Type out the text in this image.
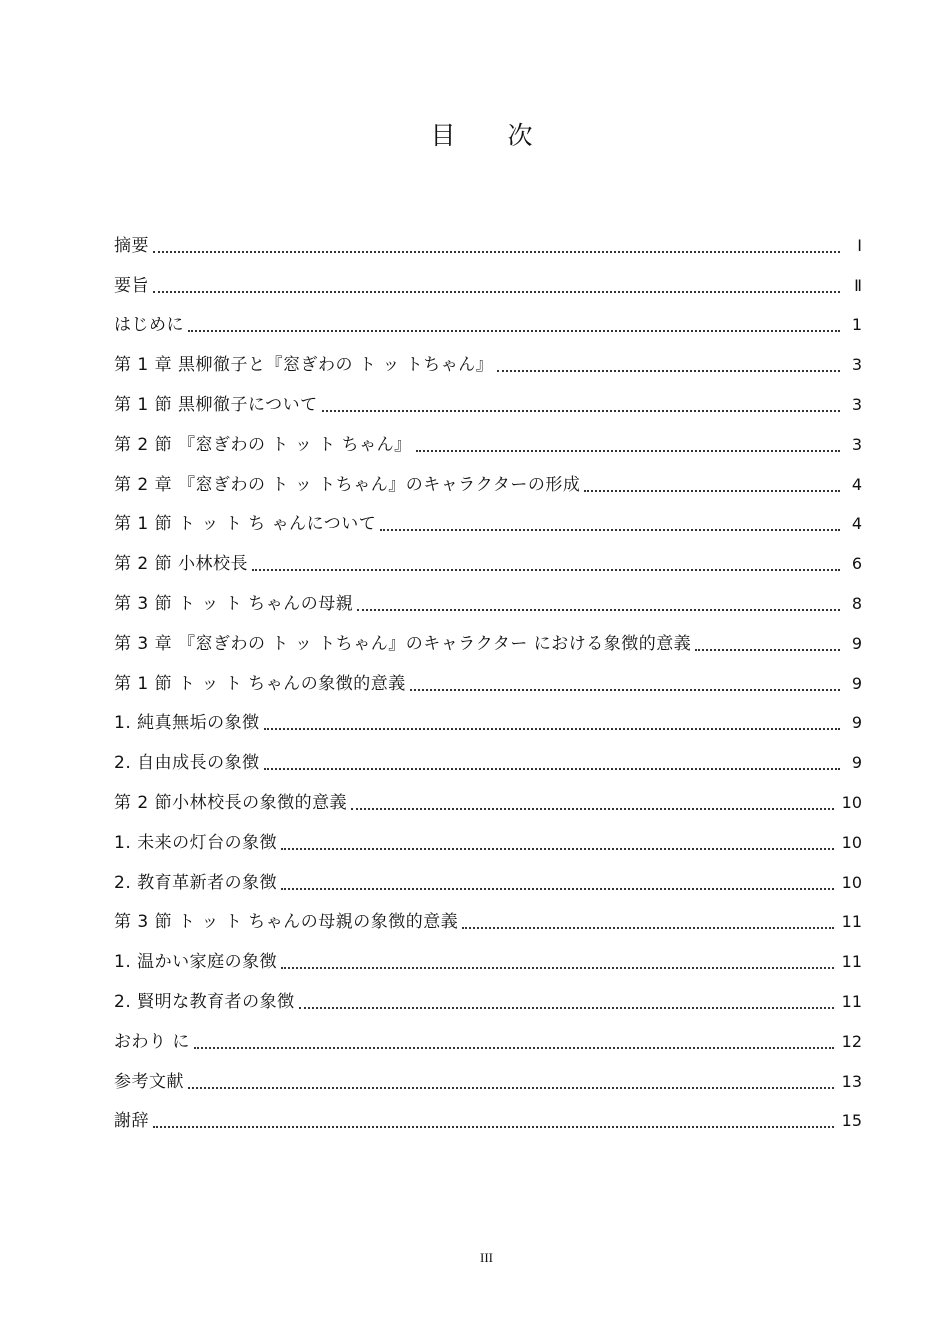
目 次
摘要	Ⅰ
要旨	Ⅱ
はじめに	1
第 1 章 黒柳徹子と『窓ぎわの ト ッ トちゃん』	3
第 1 節 黒柳徹子について	3
第 2 節 『窓ぎわの ト ッ ト ちゃん』	3
第 2 章 『窓ぎわの ト ッ トちゃん』のキャラクターの形成	4
第 1 節 ト ッ ト ち ゃんについて	4
第 2 節 小林校長	6
第 3 節 ト ッ ト ちゃんの母親	8
第 3 章 『窓ぎわの ト ッ トちゃん』のキャラクター における象徴的意義	9
第 1 節 ト ッ ト ちゃんの象徴的意義	9
1. 純真無垢の象徴	9
2. 自由成長の象徴	9
第 2 節小林校長の象徴的意義	10
1. 未来の灯台の象徴	10
2. 教育革新者の象徴	10
第 3 節 ト ッ ト ちゃんの母親の象徴的意義	11
1. 温かい家庭の象徴	11
2. 賢明な教育者の象徴	11
おわり に	12
参考文献	13
謝辞	15
III
